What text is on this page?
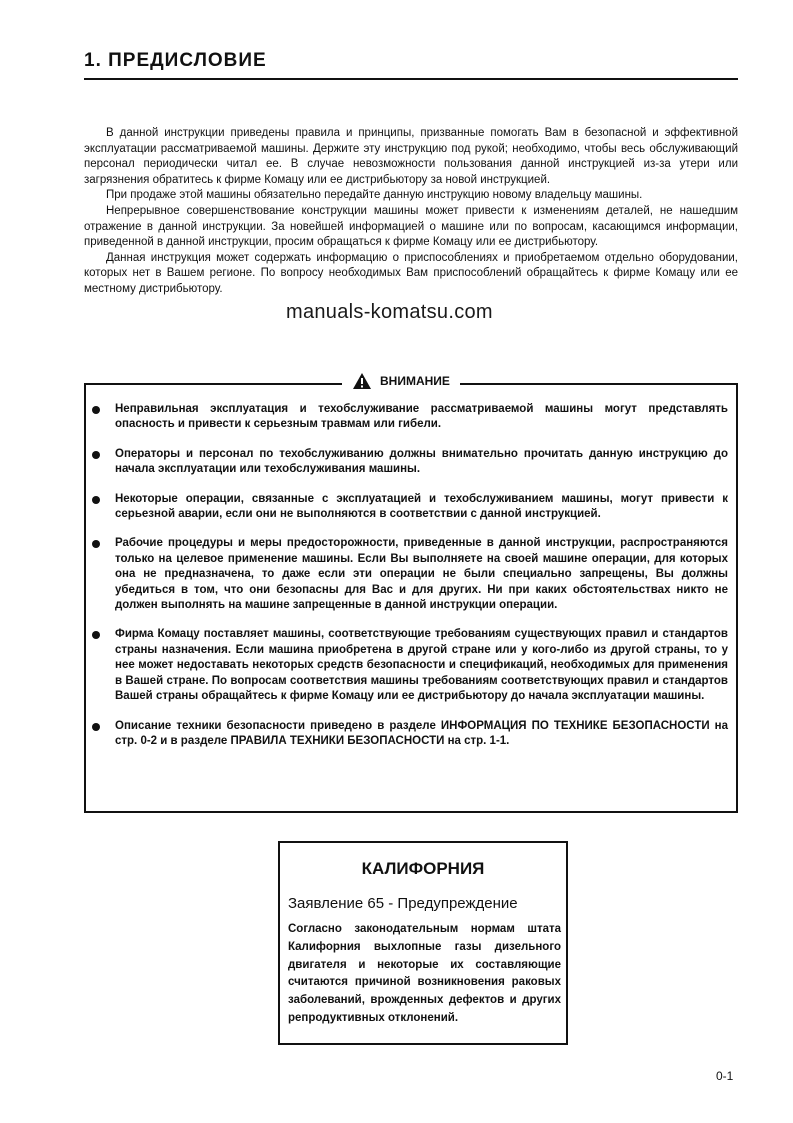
1. ПРЕДИСЛОВИЕ

В данной инструкции приведены правила и принципы, призванные помогать Вам в безопасной и эффективной эксплуатации рассматриваемой машины. Держите эту инструкцию под рукой; необходимо, чтобы весь обслуживающий персонал периодически читал ее. В случае невозможности пользования данной инструкцией из-за утери или загрязнения обратитесь к фирме Комацу или ее дистрибьютору за новой инструкцией.

При продаже этой машины обязательно передайте данную инструкцию новому владельцу машины.

Непрерывное совершенствование конструкции машины может привести к изменениям деталей, не нашедшим отражение в данной инструкции. За новейшей информацией о машине или по вопросам, касающимся информации, приведенной в данной инструкции, просим обращаться к фирме Комацу или ее дистрибьютору.

Данная инструкция может содержать информацию о приспособлениях и приобретаемом отдельно оборудовании, которых нет в Вашем регионе. По вопросу необходимых Вам приспособлений обращайтесь к фирме Комацу или ее местному дистрибьютору.

manuals-komatsu.com
ВНИМАНИЕ
Неправильная эксплуатация и техобслуживание рассматриваемой машины могут представлять опасность и привести к серьезным травмам или гибели.
Операторы и персонал по техобслуживанию должны внимательно прочитать данную инструкцию до начала эксплуатации или техобслуживания машины.
Некоторые операции, связанные с эксплуатацией и техобслуживанием машины, могут привести к серьезной аварии, если они не выполняются в соответствии с данной инструкцией.
Рабочие процедуры и меры предосторожности, приведенные в данной инструкции, распространяются только на целевое применение машины. Если Вы выполняете на своей машине операции, для которых она не предназначена, то даже если эти операции не были специально запрещены, Вы должны убедиться в том, что они безопасны для Вас и для других. Ни при каких обстоятельствах никто не должен выполнять на машине запрещенные в данной инструкции операции.
Фирма Комацу поставляет машины, соответствующие требованиям существующих правил и стандартов страны назначения. Если машина приобретена в другой стране или у кого-либо из другой страны, то у нее может недоставать некоторых средств безопасности и спецификаций, необходимых для применения в Вашей стране. По вопросам соответствия машины требованиям соответствующих правил и стандартов Вашей страны обращайтесь к фирме Комацу или ее дистрибьютору до начала эксплуатации машины.
Описание техники безопасности приведено в разделе ИНФОРМАЦИЯ ПО ТЕХНИКЕ БЕЗОПАСНОСТИ на стр. 0-2 и в разделе ПРАВИЛА ТЕХНИКИ БЕЗОПАСНОСТИ на стр. 1-1.
КАЛИФОРНИЯ
Заявление 65 - Предупреждение
Согласно законодательным нормам штата Калифорния выхлопные газы дизельного двигателя и некоторые их составляющие считаются причиной возникновения раковых заболеваний, врожденных дефектов и других репродуктивных отклонений.
0-1
